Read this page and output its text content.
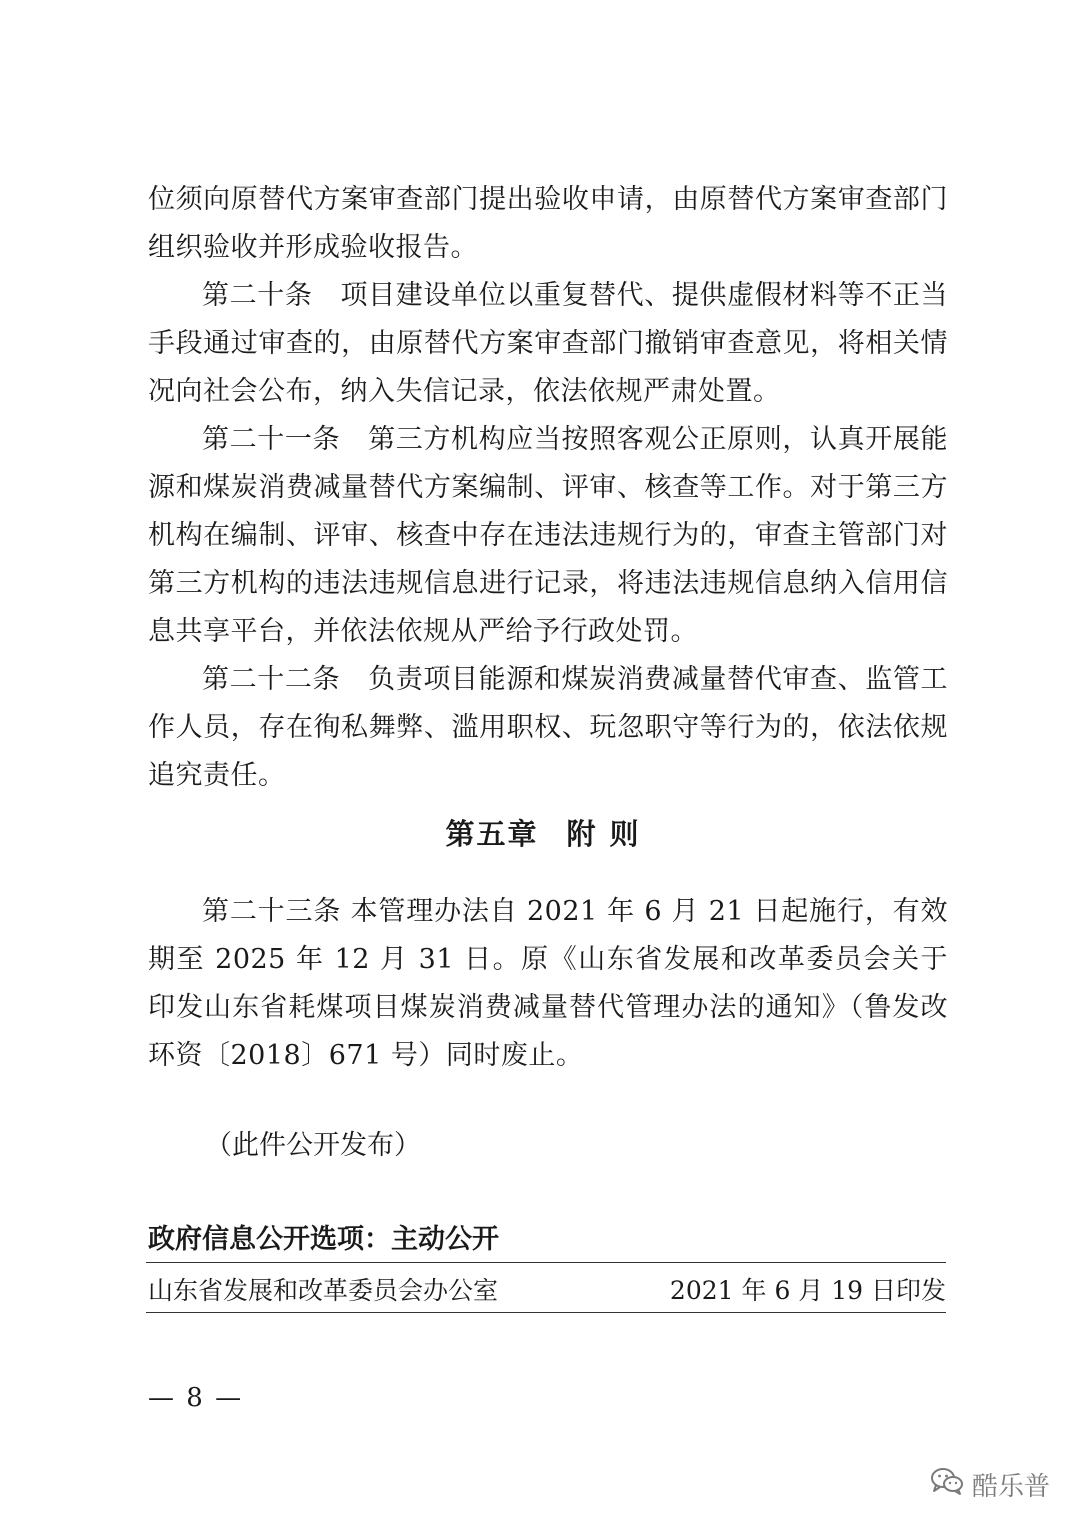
位须向原替代方案审查部门提出验收申请，由原替代方案审查部门组织验收并形成验收报告。

第二十条 项目建设单位以重复替代、提供虚假材料等不正当手段通过审查的，由原替代方案审查部门撤销审查意见，将相关情况向社会公布，纳入失信记录，依法依规严肃处置。

第二十一条 第三方机构应当按照客观公正原则，认真开展能源和煤炭消费减量替代方案编制、评审、核查等工作。对于第三方机构在编制、评审、核查中存在违法违规行为的，审查主管部门对第三方机构的违法违规信息进行记录，将违法违规信息纳入信用信息共享平台，并依法依规从严给予行政处罚。

第二十二条 负责项目能源和煤炭消费减量替代审查、监管工作人员，存在徇私舞弊、滥用职权、玩忽职守等行为的，依法依规追究责任。

第五章 附 则

第二十三条 本管理办法自 2021 年 6 月 21 日起施行，有效期至 2025 年 12 月 31 日。原《山东省发展和改革委员会关于印发山东省耗煤项目煤炭消费减量替代管理办法的通知》（鲁发改环资〔2018〕671 号）同时废止。

（此件公开发布）
政府信息公开选项：主动公开
山东省发展和改革委员会办公室	2021 年 6 月 19 日印发
— 8 —
酷乐普
